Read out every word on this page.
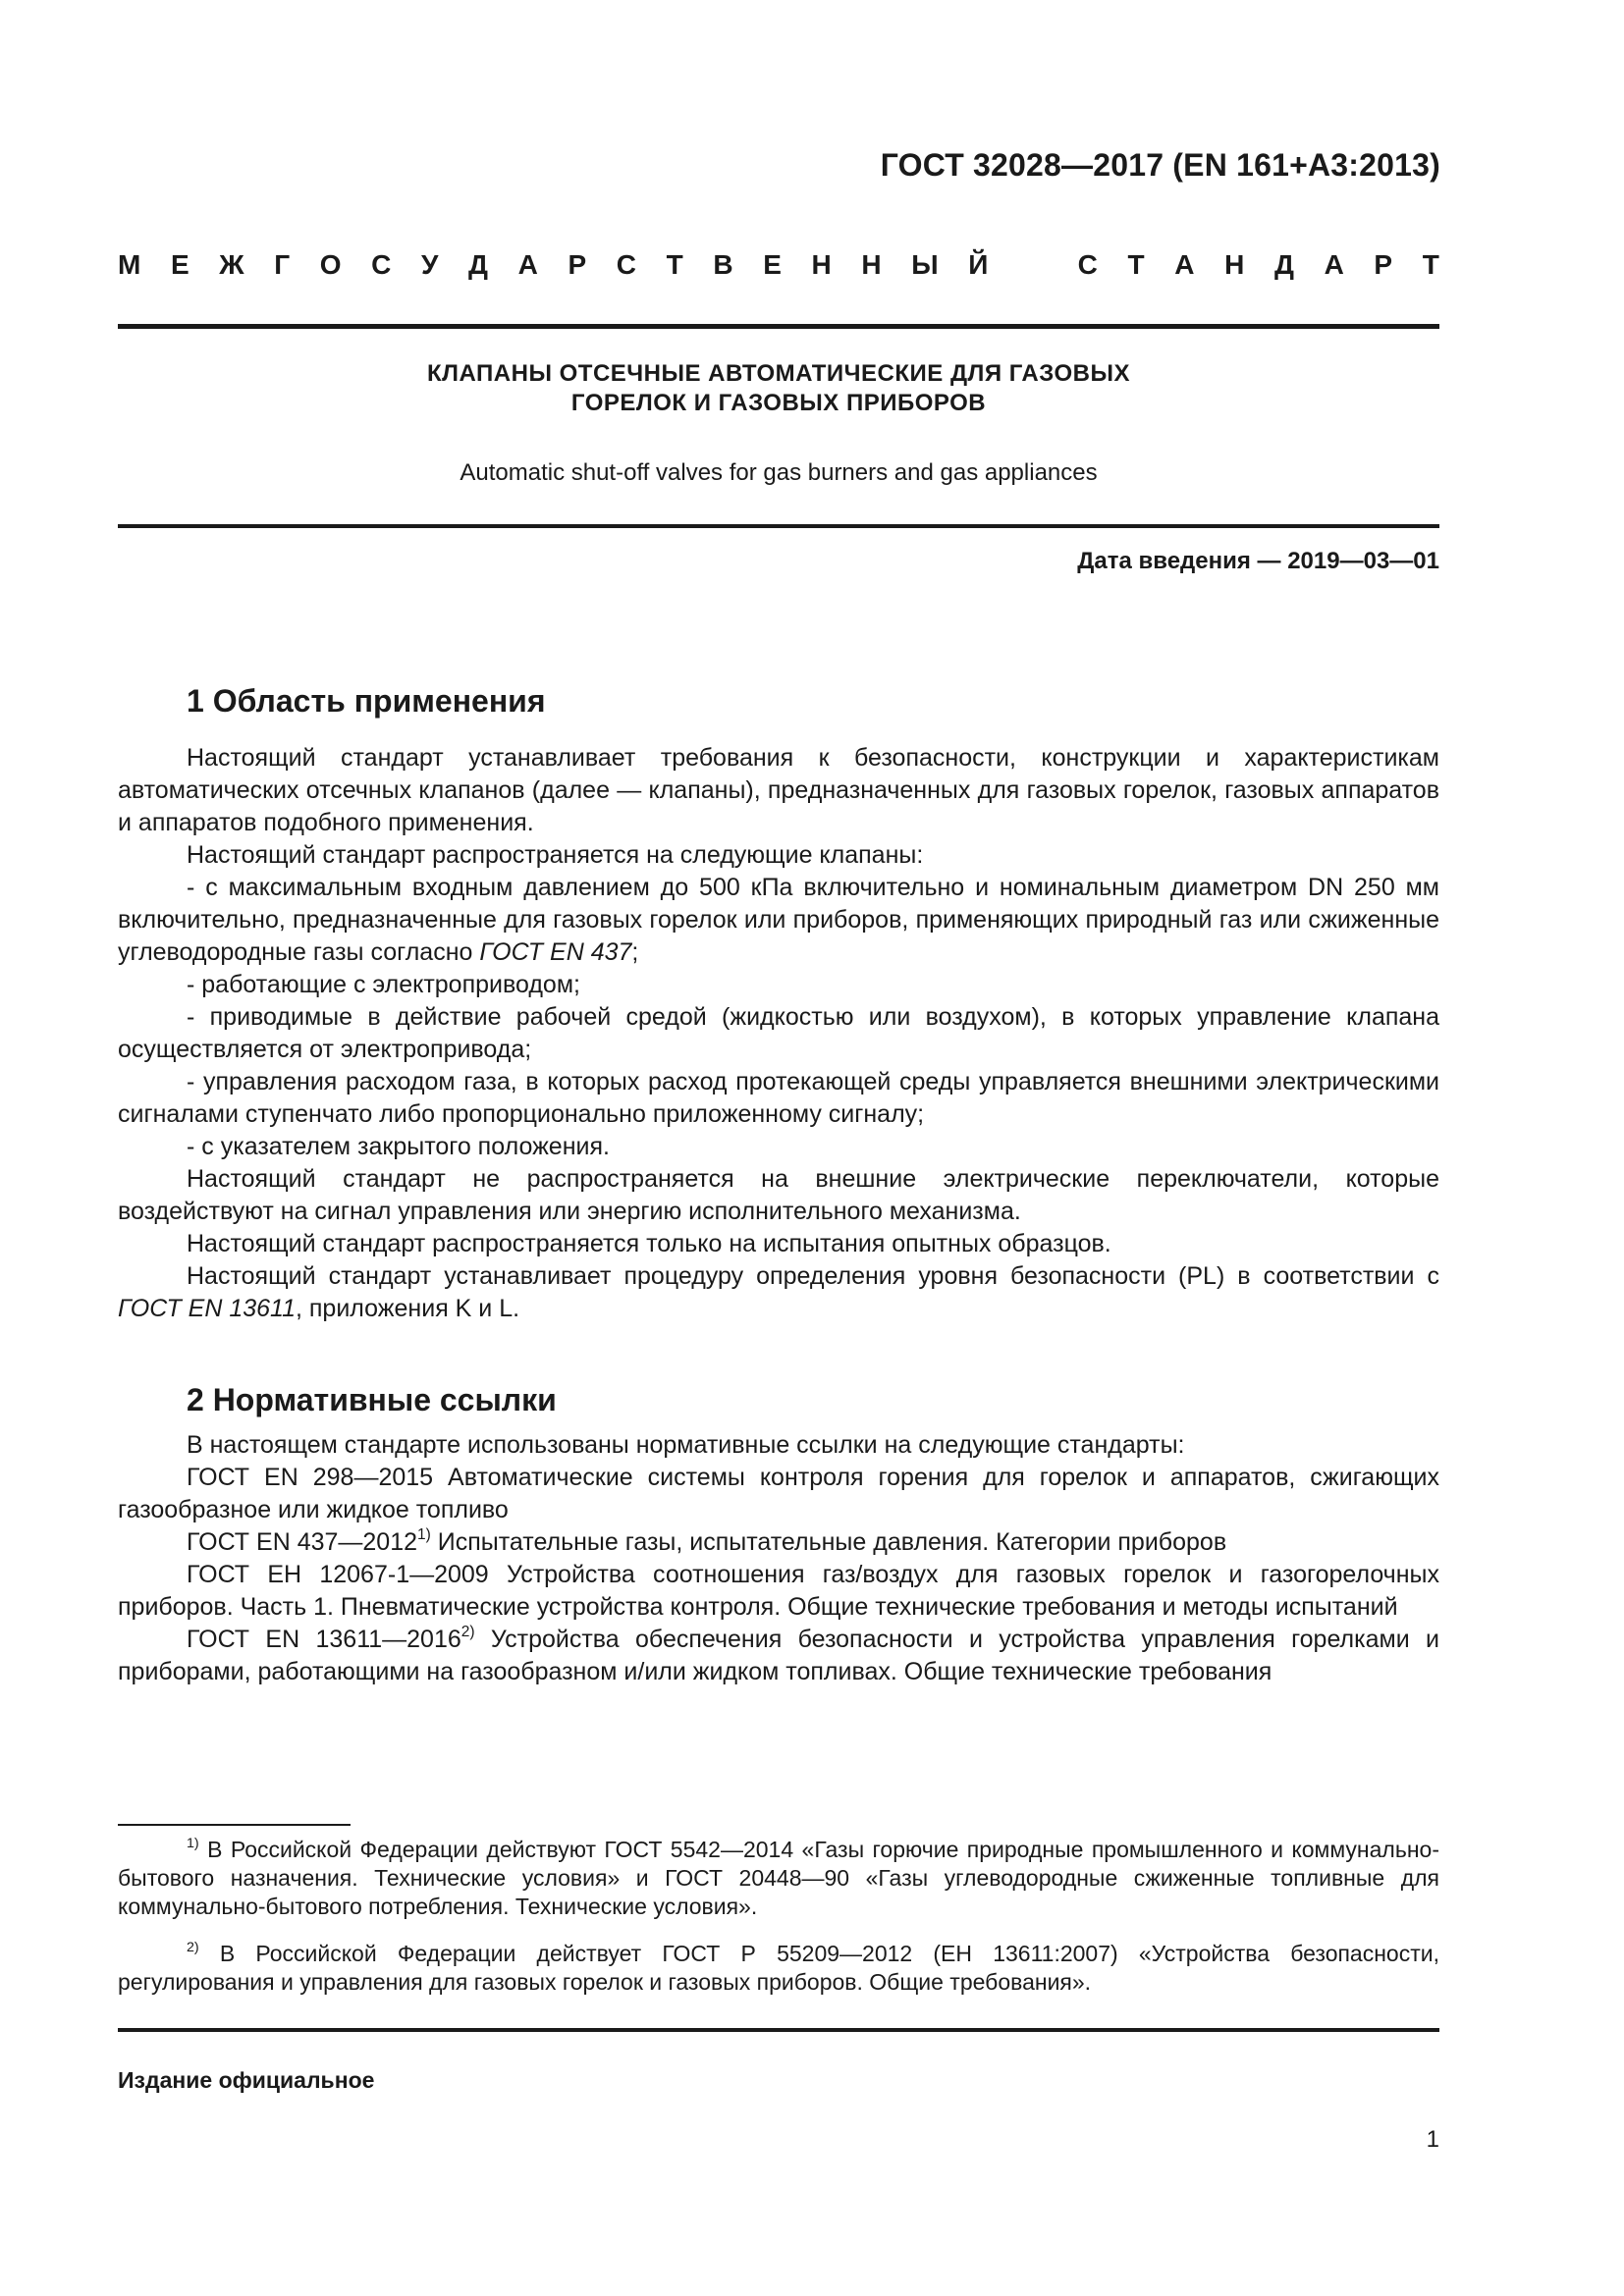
ГОСТ 32028—2017 (EN 161+A3:2013)
М Е Ж Г О С У Д А Р С Т В Е Н Н Ы Й	С Т А Н Д А Р Т
КЛАПАНЫ ОТСЕЧНЫЕ АВТОМАТИЧЕСКИЕ ДЛЯ ГАЗОВЫХ
ГОРЕЛОК И ГАЗОВЫХ ПРИБОРОВ
Automatic shut-off valves for gas burners and gas appliances
Дата введения — 2019—03—01
1 Область применения

Настоящий стандарт устанавливает требования к безопасности, конструкции и характеристикам автоматических отсечных клапанов (далее — клапаны), предназначенных для газовых горелок, газовых аппаратов и аппаратов подобного применения.

Настоящий стандарт распространяется на следующие клапаны:

- с максимальным входным давлением до 500 кПа включительно и номинальным диаметром DN 250 мм включительно, предназначенные для газовых горелок или приборов, применяющих природный газ или сжиженные углеводородные газы согласно ГОСТ EN 437;

- работающие с электроприводом;

- приводимые в действие рабочей средой (жидкостью или воздухом), в которых управление клапана осуществляется от электропривода;

- управления расходом газа, в которых расход протекающей среды управляется внешними электрическими сигналами ступенчато либо пропорционально приложенному сигналу;

- с указателем закрытого положения.

Настоящий стандарт не распространяется на внешние электрические переключатели, которые воздействуют на сигнал управления или энергию исполнительного механизма.

Настоящий стандарт распространяется только на испытания опытных образцов.

Настоящий стандарт устанавливает процедуру определения уровня безопасности (PL) в соответствии с ГОСТ EN 13611, приложения K и L.

2 Нормативные ссылки

В настоящем стандарте использованы нормативные ссылки на следующие стандарты:

ГОСТ EN 298—2015 Автоматические системы контроля горения для горелок и аппаратов, сжигающих газообразное или жидкое топливо

ГОСТ EN 437—2012$^{1)}$ Испытательные газы, испытательные давления. Категории приборов

ГОСТ ЕН 12067-1—2009 Устройства соотношения газ/воздух для газовых горелок и газогорелочных приборов. Часть 1. Пневматические устройства контроля. Общие технические требования и методы испытаний

ГОСТ EN 13611—2016$^{2)}$ Устройства обеспечения безопасности и устройства управления горелками и приборами, работающими на газообразном и/или жидком топливах. Общие технические требования

$^{1)}$ В Российской Федерации действуют ГОСТ 5542—2014 «Газы горючие природные промышленного и коммунально-бытового назначения. Технические условия» и ГОСТ 20448—90 «Газы углеводородные сжиженные топливные для коммунально-бытового потребления. Технические условия».

$^{2)}$ В Российской Федерации действует ГОСТ Р 55209—2012 (ЕН 13611:2007) «Устройства безопасности, регулирования и управления для газовых горелок и газовых приборов. Общие требования».

Издание официальное
1
